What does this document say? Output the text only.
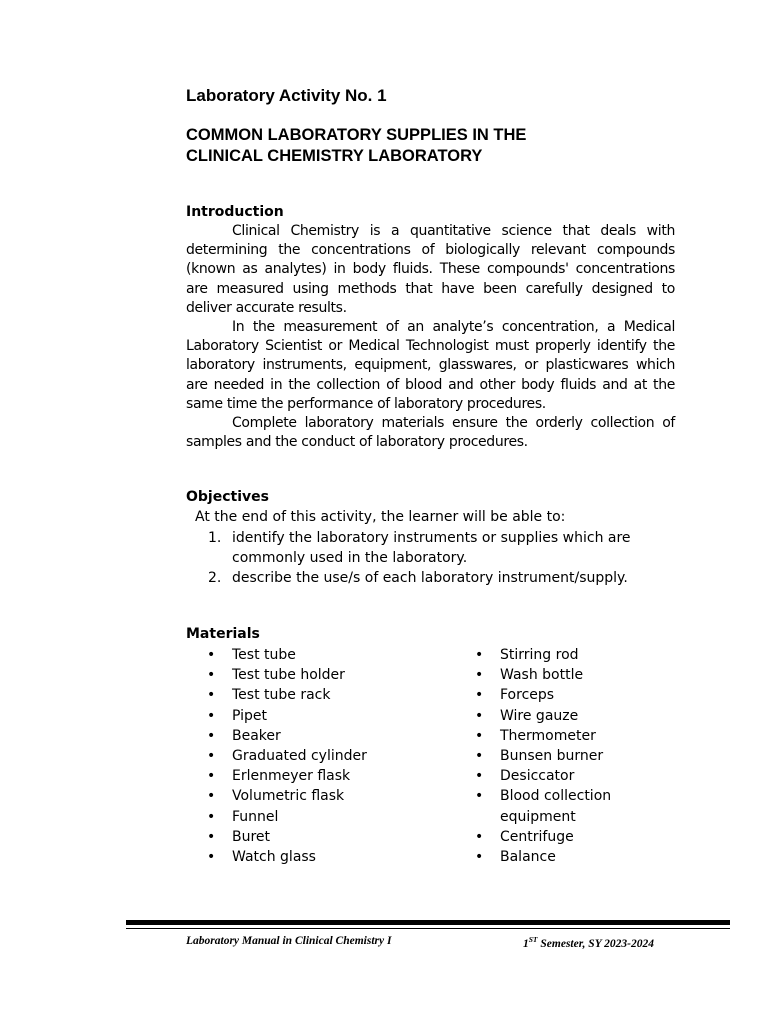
Laboratory Activity No. 1
COMMON LABORATORY SUPPLIES IN THE
CLINICAL CHEMISTRY LABORATORY
Introduction

Clinical Chemistry is a quantitative science that deals with determining the concentrations of biologically relevant compounds (known as analytes) in body fluids. These compounds' concentrations are measured using methods that have been carefully designed to deliver accurate results.

In the measurement of an analyte’s concentration, a Medical Laboratory Scientist or Medical Technologist must properly identify the laboratory instruments, equipment, glasswares, or plasticwares which are needed in the collection of blood and other body fluids and at the same time the performance of laboratory procedures.

Complete laboratory materials ensure the orderly collection of samples and the conduct of laboratory procedures.

Objectives

At the end of this activity, the learner will be able to:

1. identify the laboratory instruments or supplies which are commonly used in the laboratory.
2. describe the use/s of each laboratory instrument/supply.
Materials
• Test tube
• Test tube holder
• Test tube rack
• Pipet
• Beaker
• Graduated cylinder
• Erlenmeyer flask
• Volumetric flask
• Funnel
• Buret
• Watch glass
• Stirring rod
• Wash bottle
• Forceps
• Wire gauze
• Thermometer
• Bunsen burner
• Desiccator
• Blood collection
equipment
• Centrifuge
• Balance

Laboratory Manual in Clinical Chemistry I	1ST Semester, SY 2023-2024
